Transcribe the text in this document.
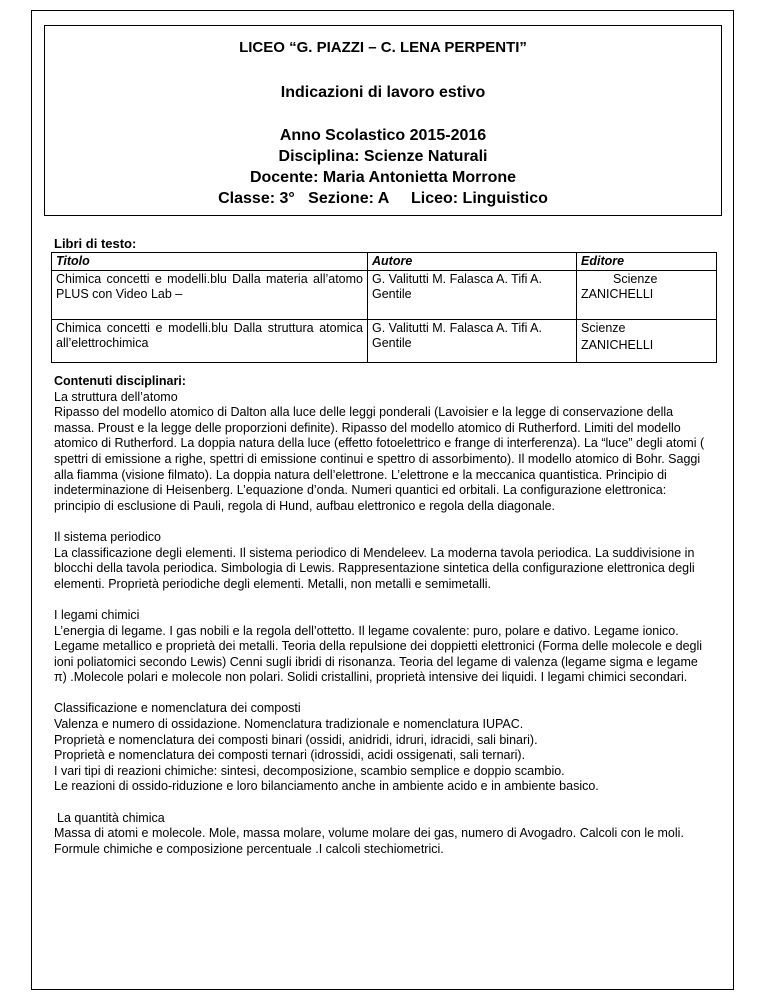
LICEO “G. PIAZZI – C. LENA PERPENTI”
Indicazioni di lavoro estivo
Anno Scolastico 2015-2016
Disciplina: Scienze Naturali
Docente: Maria Antonietta Morrone
Classe: 3° Sezione: A Liceo: Linguistico
Libri di testo:
Titolo	Autore	Editore
Chimica concetti e modelli.blu Dalla materia all’atomo PLUS con Video Lab –	G. Valitutti M. Falasca A. Tifi A. Gentile	Scienze
ZANICHELLI

Chimica concetti e modelli.blu Dalla struttura atomica all’elettrochimica	G. Valitutti M. Falasca A. Tifi A. Gentile	Scienze
ZANICHELLI
Contenuti disciplinari:

La struttura dell’atomo
Ripasso del modello atomico di Dalton alla luce delle leggi ponderali (Lavoisier e la legge di conservazione della massa. Proust e la legge delle proporzioni definite). Ripasso del modello atomico di Rutherford. Limiti del modello atomico di Rutherford. La doppia natura della luce (effetto fotoelettrico e frange di interferenza). La “luce” degli atomi ( spettri di emissione a righe, spettri di emissione continui e spettro di assorbimento). Il modello atomico di Bohr. Saggi alla fiamma (visione filmato). La doppia natura dell’elettrone. L’elettrone e la meccanica quantistica. Principio di indeterminazione di Heisenberg. L’equazione d’onda. Numeri quantici ed orbitali. La configurazione elettronica: principio di esclusione di Pauli, regola di Hund, aufbau elettronico e regola della diagonale.

Il sistema periodico
La classificazione degli elementi. Il sistema periodico di Mendeleev. La moderna tavola periodica. La suddivisione in blocchi della tavola periodica. Simbologia di Lewis. Rappresentazione sintetica della configurazione elettronica degli elementi. Proprietà periodiche degli elementi. Metalli, non metalli e semimetalli.

I legami chimici
L’energia di legame. I gas nobili e la regola dell’ottetto. Il legame covalente: puro, polare e dativo. Legame ionico. Legame metallico e proprietà dei metalli. Teoria della repulsione dei doppietti elettronici (Forma delle molecole e degli ioni poliatomici secondo Lewis) Cenni sugli ibridi di risonanza. Teoria del legame di valenza (legame sigma e legame π) .Molecole polari e molecole non polari. Solidi cristallini, proprietà intensive dei liquidi. I legami chimici secondari.

Classificazione e nomenclatura dei composti
Valenza e numero di ossidazione. Nomenclatura tradizionale e nomenclatura IUPAC.
Proprietà e nomenclatura dei composti binari (ossidi, anidridi, idruri, idracidi, sali binari).
Proprietà e nomenclatura dei composti ternari (idrossidi, acidi ossigenati, sali ternari).
I vari tipi di reazioni chimiche: sintesi, decomposizione, scambio semplice e doppio scambio.
Le reazioni di ossido-riduzione e loro bilanciamento anche in ambiente acido e in ambiente basico.

La quantità chimica
Massa di atomi e molecole. Mole, massa molare, volume molare dei gas, numero di Avogadro. Calcoli con le moli. Formule chimiche e composizione percentuale .I calcoli stechiometrici.
